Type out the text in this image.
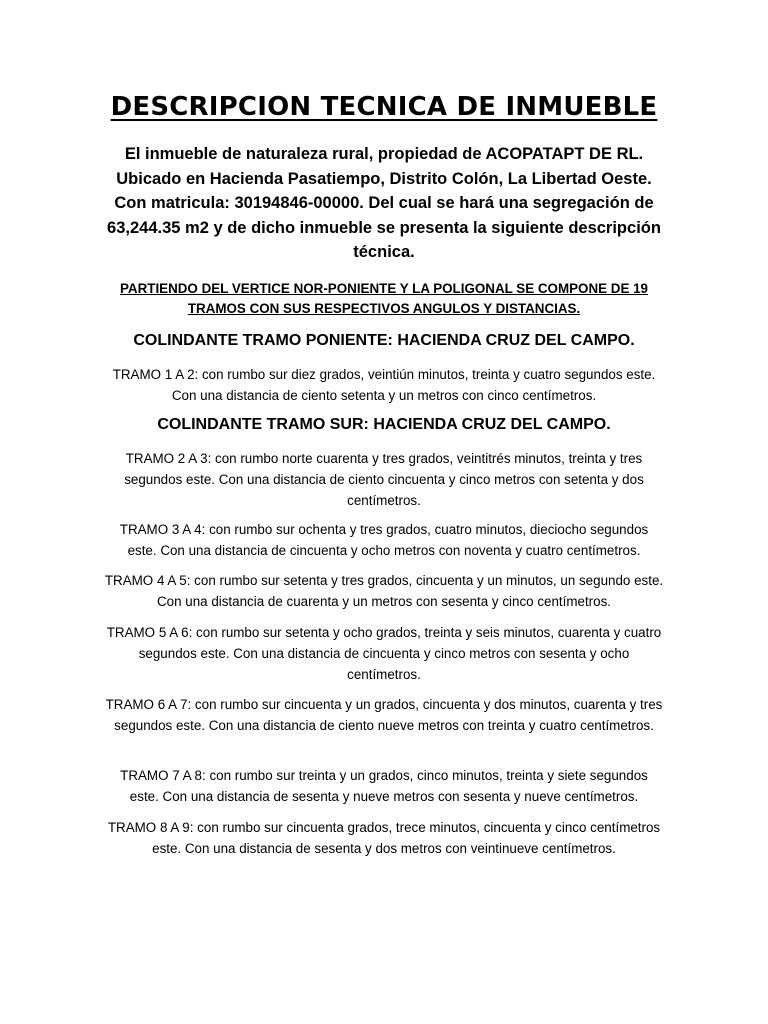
DESCRIPCION TECNICA DE INMUEBLE

El inmueble de naturaleza rural, propiedad de ACOPATAPT DE RL. Ubicado en Hacienda Pasatiempo, Distrito Colón, La Libertad Oeste. Con matricula: 30194846-00000. Del cual se hará una segregación de 63,244.35 m2 y de dicho inmueble se presenta la siguiente descripción técnica.

PARTIENDO DEL VERTICE NOR-PONIENTE Y LA POLIGONAL SE COMPONE DE 19 TRAMOS CON SUS RESPECTIVOS ANGULOS Y DISTANCIAS.

COLINDANTE TRAMO PONIENTE: HACIENDA CRUZ DEL CAMPO.

TRAMO 1 A 2: con rumbo sur diez grados, veintiún minutos, treinta y cuatro segundos este. Con una distancia de ciento setenta y un metros con cinco centímetros.

COLINDANTE TRAMO SUR: HACIENDA CRUZ DEL CAMPO.

TRAMO 2 A 3: con rumbo norte cuarenta y tres grados, veintitrés minutos, treinta y tres segundos este. Con una distancia de ciento cincuenta y cinco metros con setenta y dos centímetros.

TRAMO 3 A 4: con rumbo sur ochenta y tres grados, cuatro minutos, dieciocho segundos este. Con una distancia de cincuenta y ocho metros con noventa y cuatro centímetros.

TRAMO 4 A 5: con rumbo sur setenta y tres grados, cincuenta y un minutos, un segundo este. Con una distancia de cuarenta y un metros con sesenta y cinco centímetros.

TRAMO 5 A 6: con rumbo sur setenta y ocho grados, treinta y seis minutos, cuarenta y cuatro segundos este. Con una distancia de cincuenta y cinco metros con sesenta y ocho centímetros.

TRAMO 6 A 7: con rumbo sur cincuenta y un grados, cincuenta y dos minutos, cuarenta y tres segundos este. Con una distancia de ciento nueve metros con treinta y cuatro centímetros.

TRAMO 7 A 8: con rumbo sur treinta y un grados, cinco minutos, treinta y siete segundos este. Con una distancia de sesenta y nueve metros con sesenta y nueve centímetros.

TRAMO 8 A 9: con rumbo sur cincuenta grados, trece minutos, cincuenta y cinco centímetros este. Con una distancia de sesenta y dos metros con veintinueve centímetros.
